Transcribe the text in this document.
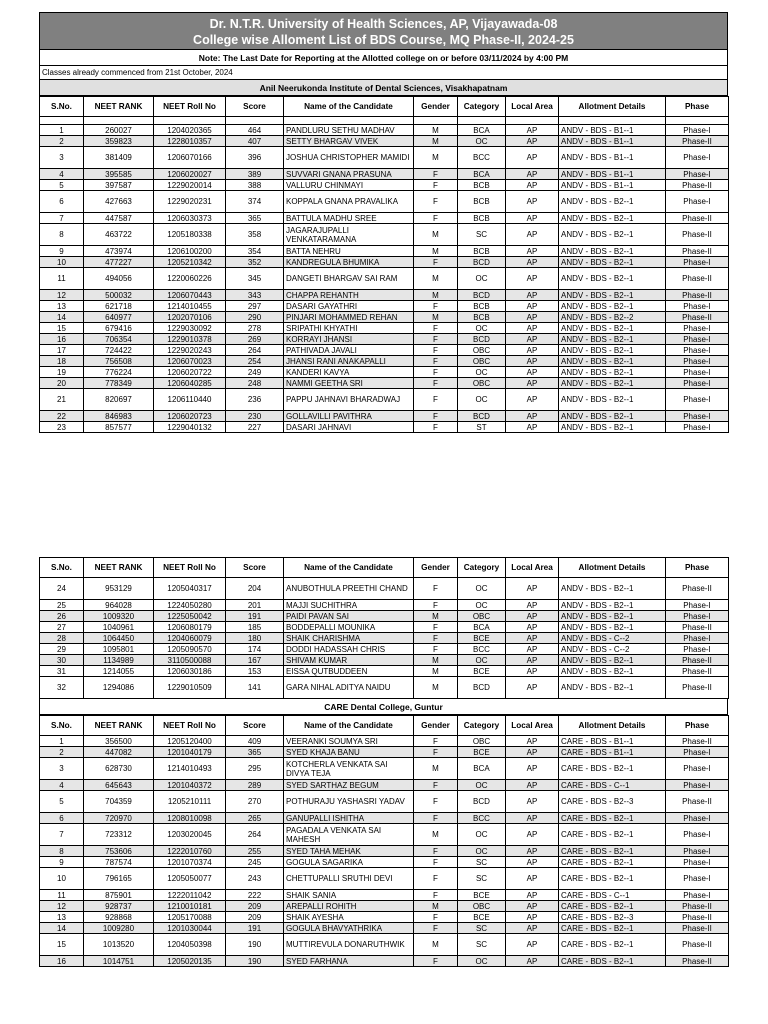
Dr. N.T.R. University of Health Sciences, AP, Vijayawada-08
College wise Alloment List of BDS Course, MQ Phase-II, 2024-25
Note: The Last Date for Reporting at the Allotted college on or before 03/11/2024 by 4:00 PM
Classes already commenced from 21st October, 2024
Anil Neerukonda Institute of Dental Sciences, Visakhapatnam
S.No.	NEET RANK	NEET Roll No	Score	Name of the Candidate	Gender	Category	Local Area	Allotment Details	Phase

1	260027	1204020365	464	PANDLURU SETHU MADHAV	M	BCA	AP	ANDV - BDS - B1--1	Phase-I
2	359823	1228010357	407	SETTY BHARGAV VIVEK	M	OC	AP	ANDV - BDS - B1--1	Phase-II
3	381409	1206070166	396	JOSHUA CHRISTOPHER MAMIDI	M	BCC	AP	ANDV - BDS - B1--1	Phase-I
4	395585	1206020027	389	SUVVARI GNANA PRASUNA	F	BCA	AP	ANDV - BDS - B1--1	Phase-I
5	397587	1229020014	388	VALLURU CHINMAYI	F	BCB	AP	ANDV - BDS - B1--1	Phase-II
6	427663	1229020231	374	KOPPALA GNANA PRAVALIKA	F	BCB	AP	ANDV - BDS - B2--1	Phase-I
7	447587	1206030373	365	BATTULA MADHU SREE	F	BCB	AP	ANDV - BDS - B2--1	Phase-II
8	463722	1205180338	358	JAGARAJUPALLI VENKATARAMANA	M	SC	AP	ANDV - BDS - B2--1	Phase-II
9	473974	1206100200	354	BATTA NEHRU	M	BCB	AP	ANDV - BDS - B2--1	Phase-II
10	477227	1205210342	352	KANDREGULA BHUMIKA	F	BCD	AP	ANDV - BDS - B2--1	Phase-I
11	494056	1220060226	345	DANGETI BHARGAV SAI RAM	M	OC	AP	ANDV - BDS - B2--1	Phase-II
12	500032	1206070443	343	CHAPPA REHANTH	M	BCD	AP	ANDV - BDS - B2--1	Phase-II
13	621718	1214010455	297	DASARI GAYATHRI	F	BCB	AP	ANDV - BDS - B2--1	Phase-I
14	640977	1202070106	290	PINJARI MOHAMMED REHAN	M	BCB	AP	ANDV - BDS - B2--2	Phase-II
15	679416	1229030092	278	SRIPATHI KHYATHI	F	OC	AP	ANDV - BDS - B2--1	Phase-I
16	706354	1229010378	269	KORRAYI JHANSI	F	BCD	AP	ANDV - BDS - B2--1	Phase-I
17	724422	1229020243	264	PATHIVADA JAVALI	F	OBC	AP	ANDV - BDS - B2--1	Phase-I
18	756508	1206070023	254	JHANSI RANI ANAKAPALLI	F	OBC	AP	ANDV - BDS - B2--1	Phase-I
19	776224	1206020722	249	KANDERI KAVYA	F	OC	AP	ANDV - BDS - B2--1	Phase-I
20	778349	1206040285	248	NAMMI GEETHA SRI	F	OBC	AP	ANDV - BDS - B2--1	Phase-I
21	820697	1206110440	236	PAPPU JAHNAVI BHARADWAJ	F	OC	AP	ANDV - BDS - B2--1	Phase-I
22	846983	1206020723	230	GOLLAVILLI PAVITHRA	F	BCD	AP	ANDV - BDS - B2--1	Phase-I
23	857577	1229040132	227	DASARI JAHNAVI	F	ST	AP	ANDV - BDS - B2--1	Phase-I
S.No.	NEET RANK	NEET Roll No	Score	Name of the Candidate	Gender	Category	Local Area	Allotment Details	Phase
24	953129	1205040317	204	ANUBOTHULA PREETHI CHAND	F	OC	AP	ANDV - BDS - B2--1	Phase-II
25	964028	1224050280	201	MAJJI SUCHITHRA	F	OC	AP	ANDV - BDS - B2--1	Phase-I
26	1009320	1225050042	191	PAIDI PAVAN SAI	M	OBC	AP	ANDV - BDS - B2--1	Phase-I
27	1040961	1206080179	185	BODDEPALLI MOUNIKA	F	BCA	AP	ANDV - BDS - B2--1	Phase-II
28	1064450	1204060079	180	SHAIK CHARISHMA	F	BCE	AP	ANDV - BDS - C--2	Phase-I
29	1095801	1205090570	174	DODDI HADASSAH CHRIS	F	BCC	AP	ANDV - BDS - C--2	Phase-I
30	1134989	3110500088	167	SHIVAM KUMAR	M	OC	AP	ANDV - BDS - B2--1	Phase-II
31	1214055	1206030186	153	EISSA QUTBUDDEEN	M	BCE	AP	ANDV - BDS - B2--1	Phase-II
32	1294086	1229010509	141	GARA NIHAL ADITYA NAIDU	M	BCD	AP	ANDV - BDS - B2--1	Phase-II
CARE Dental College, Guntur
S.No.	NEET RANK	NEET Roll No	Score	Name of the Candidate	Gender	Category	Local Area	Allotment Details	Phase
1	356500	1205120400	409	VEERANKI SOUMYA SRI	F	OBC	AP	CARE - BDS - B1--1	Phase-II
2	447082	1201040179	365	SYED KHAJA BANU	F	BCE	AP	CARE - BDS - B1--1	Phase-I
3	628730	1214010493	295	KOTCHERLA VENKATA SAI DIVYA TEJA	M	BCA	AP	CARE - BDS - B2--1	Phase-I
4	645643	1201040372	289	SYED SARTHAZ BEGUM	F	OC	AP	CARE - BDS - C--1	Phase-I
5	704359	1205210111	270	POTHURAJU YASHASRI YADAV	F	BCD	AP	CARE - BDS - B2--3	Phase-II
6	720970	1208010098	265	GANUPALLI ISHITHA	F	BCC	AP	CARE - BDS - B2--1	Phase-I
7	723312	1203020045	264	PAGADALA VENKATA SAI MAHESH	M	OC	AP	CARE - BDS - B2--1	Phase-I
8	753606	1222010760	255	SYED TAHA MEHAK	F	OC	AP	CARE - BDS - B2--1	Phase-I
9	787574	1201070374	245	GOGULA SAGARIKA	F	SC	AP	CARE - BDS - B2--1	Phase-I
10	796165	1205050077	243	CHETTUPALLI SRUTHI DEVI	F	SC	AP	CARE - BDS - B2--1	Phase-I
11	875901	1222011042	222	SHAIK SANIA	F	BCE	AP	CARE - BDS - C--1	Phase-I
12	928737	1210010181	209	AREPALLI ROHITH	M	OBC	AP	CARE - BDS - B2--1	Phase-II
13	928868	1205170088	209	SHAIK AYESHA	F	BCE	AP	CARE - BDS - B2--3	Phase-II
14	1009280	1201030044	191	GOGULA BHAVYATHRIKA	F	SC	AP	CARE - BDS - B2--1	Phase-II
15	1013520	1204050398	190	MUTTIREVULA DONARUTHWIK	M	SC	AP	CARE - BDS - B2--1	Phase-II
16	1014751	1205020135	190	SYED FARHANA	F	OC	AP	CARE - BDS - B2--1	Phase-II
